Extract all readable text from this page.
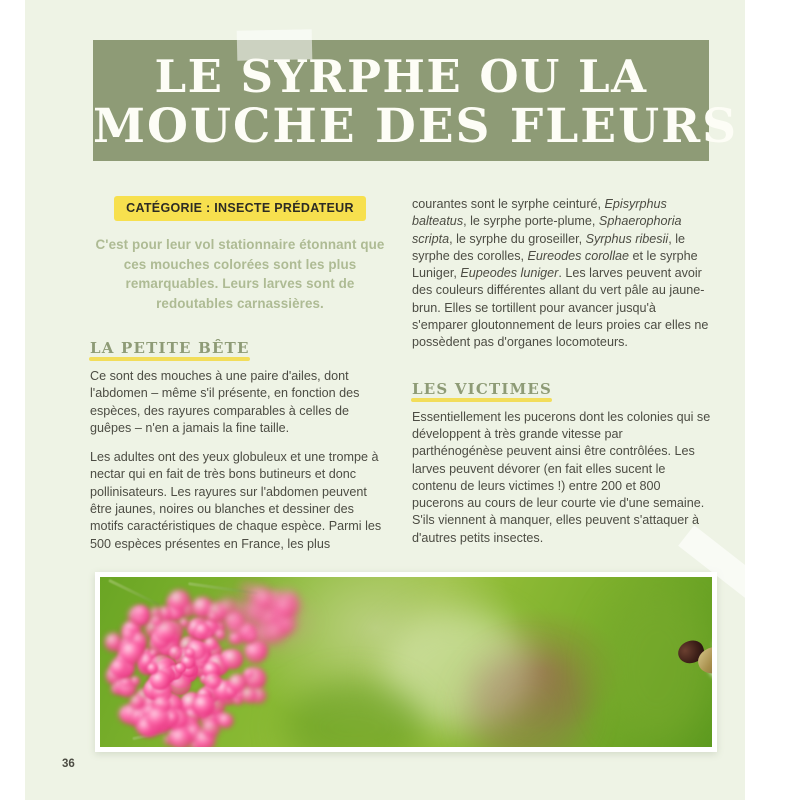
LE SYRPHE OU LA
MOUCHE DES FLEURS
CATÉGORIE : INSECTE PRÉDATEUR
C'est pour leur vol stationnaire étonnant que ces mouches colorées sont les plus remarquables. Leurs larves sont de redoutables carnassières.
LA PETITE BÊTE

Ce sont des mouches à une paire d'ailes, dont l'abdomen – même s'il présente, en fonction des espèces, des rayures comparables à celles de guêpes – n'en a jamais la fine taille.

Les adultes ont des yeux globuleux et une trompe à nectar qui en fait de très bons butineurs et donc pollinisateurs. Les rayures sur l'abdomen peuvent être jaunes, noires ou blanches et dessiner des motifs caractéristiques de chaque espèce. Parmi les 500 espèces présentes en France, les plus

courantes sont le syrphe ceinturé, Episyrphus balteatus, le syrphe porte-plume, Sphaerophoria scripta, le syrphe du groseiller, Syrphus ribesii, le syrphe des corolles, Eureodes corollae et le syrphe Luniger, Eupeodes luniger. Les larves peuvent avoir des couleurs différentes allant du vert pâle au jaune-brun. Elles se tortillent pour avancer jusqu'à s'emparer gloutonnement de leurs proies car elles ne possèdent pas d'organes locomoteurs.

LES VICTIMES

Essentiellement les pucerons dont les colonies qui se développent à très grande vitesse par parthénogénèse peuvent ainsi être contrôlées. Les larves peuvent dévorer (en fait elles sucent le contenu de leurs victimes !) entre 200 et 800 pucerons au cours de leur courte vie d'une semaine. S'ils viennent à manquer, elles peuvent s'attaquer à d'autres petits insectes.

36
